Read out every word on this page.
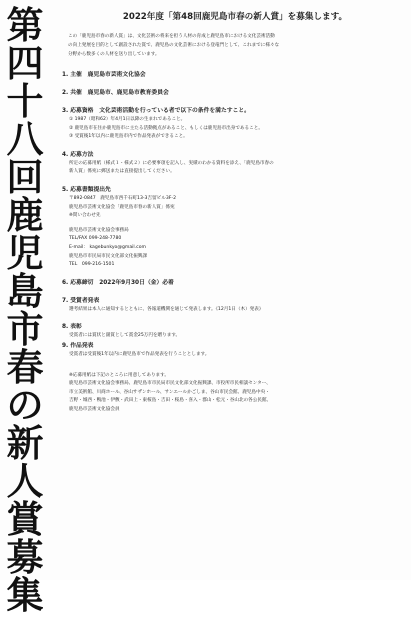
第
四
十
八
回
鹿
児
島
市
春
の
新
人
賞
募
集
2022年度「第48回鹿児島市春の新人賞」を募集します。
この「鹿児島市春の新人賞」は、文化芸術の将来を担う人材の育成と鹿児島市における文化芸術活動
の向上発展を目的として創設された賞で、鹿児島の文化芸術における登竜門として、これまでに様々な
分野から数多くの人材を送り出しています。
1. 主催　鹿児島市芸術文化協会
2. 共催　鹿児島市、鹿児島市教育委員会
3. 応募資格　文化芸術活動を行っている者で以下の条件を満たすこと。
① 1987（昭和62）年4月1日以降の生まれであること。
② 鹿児島市在住か鹿児島市に主たる活動拠点があること、もしくは鹿児島市出身であること。
③ 受賞後1年以内に鹿児島市内で作品発表ができること。
4. 応募方法
所定の応募用紙（様式１・様式２）に必要事項を記入し、実績のわかる資料を添え、「鹿児島市春の
新人賞」係宛に郵送または直接提出してください。
5. 応募書類提出先
〒892-0847　鹿児島市西千石町13-3吉留ビル3F-2
鹿児島市芸術文化協会「鹿児島市春の新人賞」係宛
※問い合わせ先
鹿児島市芸術文化協会事務局
TEL/FAX 099-248-7780
E-mail： kagebunkyo@gmail.com
鹿児島市市民局市民文化部文化振興課
TEL　099-216-1501
6. 応募締切　2022年9月30日（金）必着
7. 受賞者発表
選考結果は本人に通知するとともに、各報道機関を通じて発表します。《12月1日（木）発表》
8. 表彰
受賞者には賞状と副賞として賞金25万円を贈ります。
9. 作品発表
受賞者は受賞後1年以内に鹿児島市で作品発表を行うこととします。
※応募用紙は下記のところに用意してあります。
鹿児島市芸術文化協会事務局、鹿児島市市民局市民文化部文化振興課、市役所市民相談センター、
市立美術館、川商ホール、谷山サザンホール、サンエールかごしま、谷山市民会館、鹿児島中央・
吉野・城西・鴨池・伊敷・武田上・東桜島・吉田・桜島・喜入・郡山・松元・谷山北の各公民館、
鹿児島市芸術文化協会員
